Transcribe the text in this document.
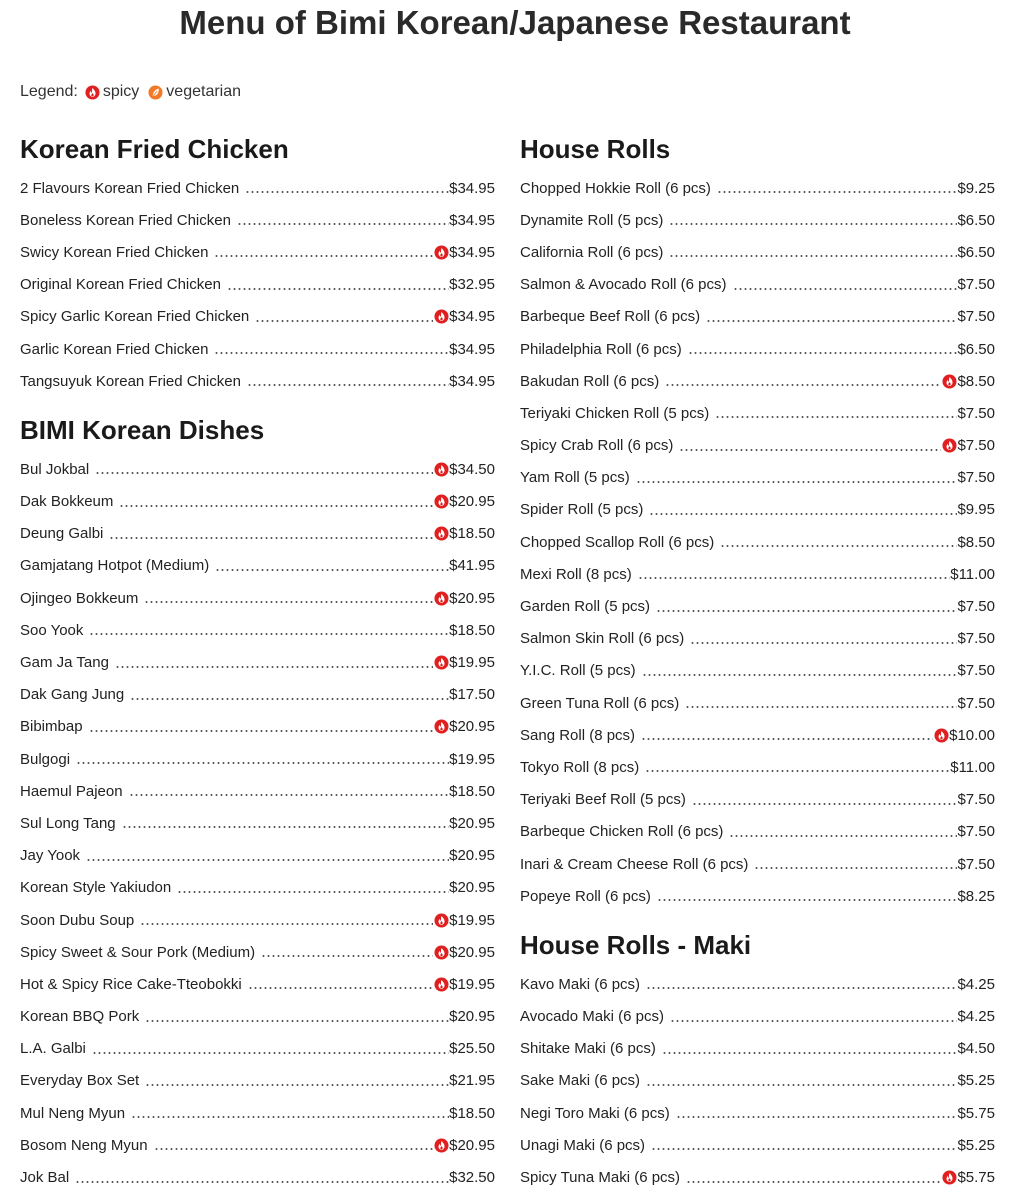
Menu of Bimi Korean/Japanese Restaurant
Legend: spicy vegetarian
Korean Fried Chicken
2 Flavours Korean Fried Chicken	$34.95
Boneless Korean Fried Chicken	$34.95
Swicy Korean Fried Chicken	$34.95
Original Korean Fried Chicken	$32.95
Spicy Garlic Korean Fried Chicken	$34.95
Garlic Korean Fried Chicken	$34.95
Tangsuyuk Korean Fried Chicken	$34.95
BIMI Korean Dishes
Bul Jokbal	$34.50
Dak Bokkeum	$20.95
Deung Galbi	$18.50
Gamjatang Hotpot (Medium)	$41.95
Ojingeo Bokkeum	$20.95
Soo Yook	$18.50
Gam Ja Tang	$19.95
Dak Gang Jung	$17.50
Bibimbap	$20.95
Bulgogi	$19.95
Haemul Pajeon	$18.50
Sul Long Tang	$20.95
Jay Yook	$20.95
Korean Style Yakiudon	$20.95
Soon Dubu Soup	$19.95
Spicy Sweet & Sour Pork (Medium)	$20.95
Hot & Spicy Rice Cake-Tteobokki	$19.95
Korean BBQ Pork	$20.95
L.A. Galbi	$25.50
Everyday Box Set	$21.95
Mul Neng Myun	$18.50
Bosom Neng Myun	$20.95
Jok Bal	$32.50
House Rolls
Chopped Hokkie Roll (6 pcs)	$9.25
Dynamite Roll (5 pcs)	$6.50
California Roll (6 pcs)	$6.50
Salmon & Avocado Roll (6 pcs)	$7.50
Barbeque Beef Roll (6 pcs)	$7.50
Philadelphia Roll (6 pcs)	$6.50
Bakudan Roll (6 pcs)	$8.50
Teriyaki Chicken Roll (5 pcs)	$7.50
Spicy Crab Roll (6 pcs)	$7.50
Yam Roll (5 pcs)	$7.50
Spider Roll (5 pcs)	$9.95
Chopped Scallop Roll (6 pcs)	$8.50
Mexi Roll (8 pcs)	$11.00
Garden Roll (5 pcs)	$7.50
Salmon Skin Roll (6 pcs)	$7.50
Y.I.C. Roll (5 pcs)	$7.50
Green Tuna Roll (6 pcs)	$7.50
Sang Roll (8 pcs)	$10.00
Tokyo Roll (8 pcs)	$11.00
Teriyaki Beef Roll (5 pcs)	$7.50
Barbeque Chicken Roll (6 pcs)	$7.50
Inari & Cream Cheese Roll (6 pcs)	$7.50
Popeye Roll (6 pcs)	$8.25
House Rolls - Maki
Kavo Maki (6 pcs)	$4.25
Avocado Maki (6 pcs)	$4.25
Shitake Maki (6 pcs)	$4.50
Sake Maki (6 pcs)	$5.25
Negi Toro Maki (6 pcs)	$5.75
Unagi Maki (6 pcs)	$5.25
Spicy Tuna Maki (6 pcs)	$5.75
